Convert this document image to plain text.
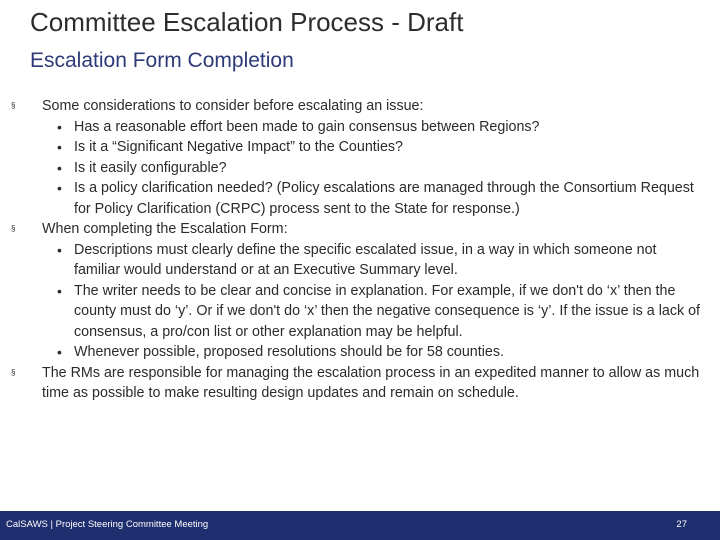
Committee Escalation Process - Draft
Escalation Form Completion
§ Some considerations to consider before escalating an issue:
• Has a reasonable effort been made to gain consensus between Regions?
• Is it a “Significant Negative Impact” to the Counties?
• Is it easily configurable?
• Is a policy clarification needed? (Policy escalations are managed through the Consortium Request for Policy Clarification (CRPC) process sent to the State for response.)
§ When completing the Escalation Form:
• Descriptions must clearly define the specific escalated issue, in a way in which someone not familiar would understand or at an Executive Summary level.
• The writer needs to be clear and concise in explanation. For example, if we don't do ‘x’ then the county must do ‘y’. Or if we don't do ‘x’ then the negative consequence is ‘y’. If the issue is a lack of consensus, a pro/con list or other explanation may be helpful.
• Whenever possible, proposed resolutions should be for 58 counties.
§ The RMs are responsible for managing the escalation process in an expedited manner to allow as much time as possible to make resulting design updates and remain on schedule.
CalSAWS | Project Steering Committee Meeting	27
